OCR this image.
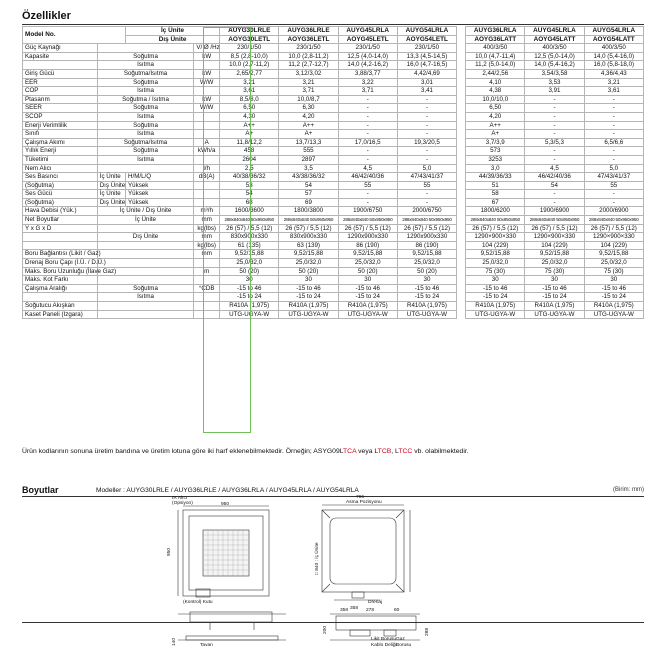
Özellikler
Model No.		İç Ünite		AUYG30LRLE	AUYG36LRLE	AUYG45LRLA	AUYG54LRLA		AUYG36LRLA	AUYG45LRLA	AUYG54LRLA
		Dış Ünite		AOYG30LETL	AOYG36LETL	AOYG45LETL	AOYG54LETL		AOYG36LATT	AOYG45LATT	AOYG54LATT
Güç Kaynağı			V/ Ø /Hz	230/1/50	230/1/50	230/1/50	230/1/50		400/3/50	400/3/50	400/3/50
Kapasite	Soğutma		kW	8,5 (2,8-10,0)	10,0 (2,8-11,2)	12,5 (4,0-14,0)	13,3 (4,5-14,5)		10,0 (4,7-11,4)	12,5 (5,0-14,0)	14,0 (5,4-16,0)
	Isıtma			10,0 (2,7-11,2)	11,2 (2,7-12,7)	14,0 (4,2-16,2)	16,0 (4,7-16,5)		11,2 (5,0-14,0)	14,0 (5,4-16,2)	16,0 (5,8-18,0)
Giriş Gücü	Soğutma/Isıtma		kW	2,65/2,77	3,12/3,02	3,88/3,77	4,42/4,69		2,44/2,56	3,54/3,58	4,36/4,43
EER	Soğutma		W/W	3,21	3,21	3,22	3,01		4,10	3,53	3,21
COP	Isıtma			3,61	3,71	3,71	3,41		4,38	3,91	3,61
Ptasarım	Soğutma / Isıtma		kW	8,5/8,0	10,0/8,7	-	-		10,0/10,0	-	-
SEER	Soğutma		W/W	6,50	6,30	-	-		6,50	-	-
SCOP	Isıtma			4,30	4,20	-	-		4,20	-	-
Enerji Verimlilik	Soğutma			A++	A++	-	-		A++	-	-
Sınıfı	Isıtma			A+	A+	-	-		A+	-	-
Çalışma Akımı	Soğutma/Isıtma		A	11,8/12,2	13,7/13,3	17,0/16,5	19,3/20,5		3,7/3,9	5,3/5,3	6,5/6,6
Yıllık Enerji	Soğutma		kWh/a	458	555	-	-		573	-	-
Tüketimi	Isıtma			2604	2897	-	-		3253	-	-
Nem Alıcı			l/h	2,5	3,5	4,5	5,0		3,0	4,5	5,0
Ses Basıncı	İç Ünite	H/M/L/Q	dB(A)	40/38/36/32	43/38/36/32	46/42/40/36	47/43/41/37		44/39/36/33	46/42/40/36	47/43/41/37
(Soğutma)	Dış Ünite	Yüksek		53	54	55	55		51	54	55
Ses Gücü	İç Ünite	Yüksek		54	57	-	-		58	-	-
(Soğutma)	Dış Ünite	Yüksek		68	69	-	-		67	-	-
Hava Debisi (Yük.)	İç Ünite / Dış Ünite		m³/h	1600/3600	1800/3800	1900/6750	2000/6750		1800/6200	1900/6900	2000/6900
Net Boyutlar	İç Ünite		mm	288x840x840 50x950x950	288x840x840 50x950x950	288x840x840 50x950x950	288x840x840 50x950x950		288x840x840 50x950x950	288x840x840 50x950x950	288x840x840 50x950x950
Y x G x D			kg(lbs)	26 (57) / 5,5 (12)	26 (57) / 5,5 (12)	26 (57) / 5,5 (12)	26 (57) / 5,5 (12)		26 (57) / 5,5 (12)	26 (57) / 5,5 (12)	26 (57) / 5,5 (12)
	Dış Ünite		mm	830x900x330	830x900x330	1290x900x330	1290x900x330		1290×900×330	1290×900×330	1290×900×330
			kg(lbs)	61 (135)	63 (139)	86 (190)	86 (190)		104 (229)	104 (229)	104 (229)
Boru Bağlantısı (Likit / Gaz)			mm	9,52/15,88	9,52/15,88	9,52/15,88	9,52/15,88		9,52/15,88	9,52/15,88	9,52/15,88
Drenaj Boru Çapı (İ.Ü. / D.Ü.)				25,0/32,0	25,0/32,0	25,0/32,0	25,0/32,0		25,0/32,0	25,0/32,0	25,0/32,0
Maks. Boru Uzunluğu (İlave Gaz)			m	50 (20)	50 (20)	50 (20)	50 (20)		75 (30)	75 (30)	75 (30)
Maks. Kot Farkı				30	30	30	30		30	30	30
Çalışma Aralığı	Soğutma		°CDB	-15 to 46	-15 to 46	-15 to 46	-15 to 46		-15 to 46	-15 to 46	-15 to 46
	Isıtma			-15 to 24	-15 to 24	-15 to 24	-15 to 24		-15 to 24	-15 to 24	-15 to 24
Soğutucu Akışkan				R410A (1,975)	R410A (1,975)	R410A (1,975)	R410A (1,975)		R410A (1,975)	R410A (1,975)	R410A (1,975)
Kaset Paneli (Izgara)				UTG-UGYA-W	UTG-UGYA-W	UTG-UGYA-W	UTG-UGYA-W		UTG-UGYA-W	UTG-UGYA-W	UTG-UGYA-W
Ürün kodlarının sonuna üretim bandına ve üretim lotuna göre iki harf eklenebilmektedir. Örneğin; ASYG09LTCA veya LTCB, LTCC vb. olabilmektedir.
Boyutlar	Modeller : AUYG30LRLE / AUYG36LRLE / AUYG36LRLA / AUYG45LRLA / AUYG54LRLA	(Birim: mm)
IR Alıcı
(Opsiyon)	950
950
(Kontrol) Kutu
796
Asma Pozisyonu
□ 840 : İç Ünite
Drenaj
358
Tavan
140
358	278	60
Likit Borusu Gaz
Kablo Deliği Borusu
288
200
